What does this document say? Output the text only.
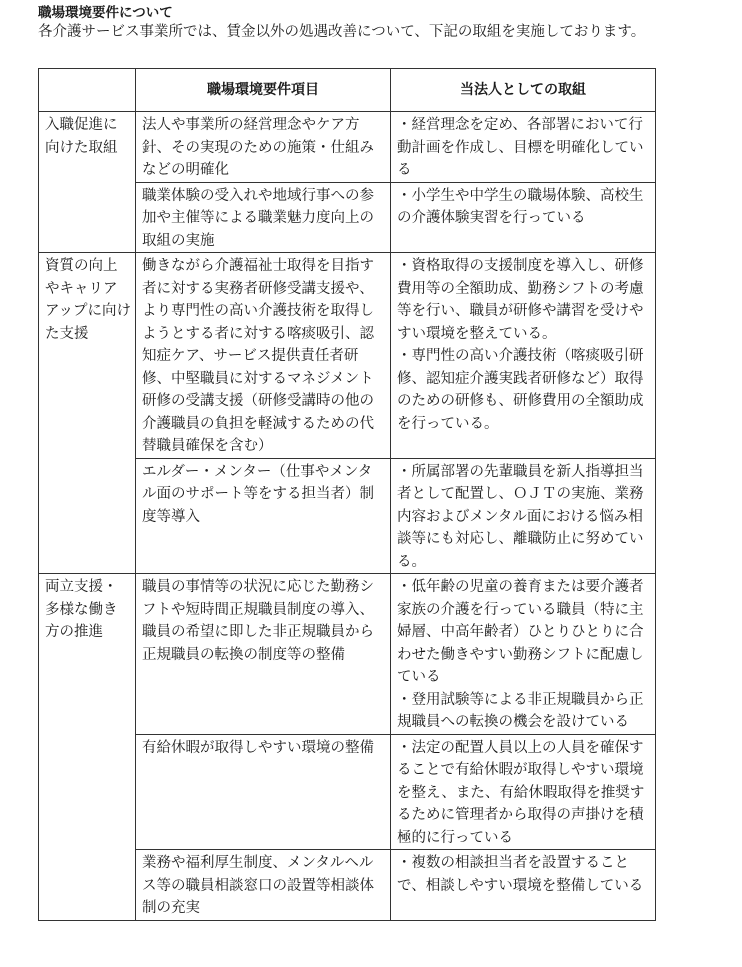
職場環境要件について
各介護サービス事業所では、賃金以外の処遇改善について、下記の取組を実施しております。
	職場環境要件項目	当法人としての取組
入職促進に向けた取組	法人や事業所の経営理念やケア方針、その実現のための施策・仕組みなどの明確化	・経営理念を定め、各部署において行動計画を作成し、目標を明確化している

	職業体験の受入れや地域行事への参加や主催等による職業魅力度向上の取組の実施	・小学生や中学生の職場体験、高校生の介護体験実習を行っている

資質の向上やキャリアアップに向けた支援	働きながら介護福祉士取得を目指す者に対する実務者研修受講支援や、より専門性の高い介護技術を取得しようとする者に対する喀痰吸引、認知症ケア、サービス提供責任者研修、中堅職員に対するマネジメント研修の受講支援（研修受講時の他の介護職員の負担を軽減するための代替職員確保を含む）	・資格取得の支援制度を導入し、研修費用等の全額助成、勤務シフトの考慮等を行い、職員が研修や講習を受けやすい環境を整えている。
・専門性の高い介護技術（喀痰吸引研修、認知症介護実践者研修など）取得のための研修も、研修費用の全額助成を行っている。

	エルダー・メンター（仕事やメンタル面のサポート等をする担当者）制度等導入	・所属部署の先輩職員を新人指導担当者として配置し、ＯＪＴの実施、業務内容およびメンタル面における悩み相談等にも対応し、離職防止に努めている。

両立支援・多様な働き方の推進	職員の事情等の状況に応じた勤務シフトや短時間正規職員制度の導入、職員の希望に即した非正規職員から正規職員の転換の制度等の整備	・低年齢の児童の養育または要介護者家族の介護を行っている職員（特に主婦層、中高年齢者）ひとりひとりに合わせた働きやすい勤務シフトに配慮している
・登用試験等による非正規職員から正規職員への転換の機会を設けている

	有給休暇が取得しやすい環境の整備	・法定の配置人員以上の人員を確保することで有給休暇が取得しやすい環境を整え、また、有給休暇取得を推奨するために管理者から取得の声掛けを積極的に行っている

	業務や福利厚生制度、メンタルヘルス等の職員相談窓口の設置等相談体制の充実	・複数の相談担当者を設置することで、相談しやすい環境を整備している
